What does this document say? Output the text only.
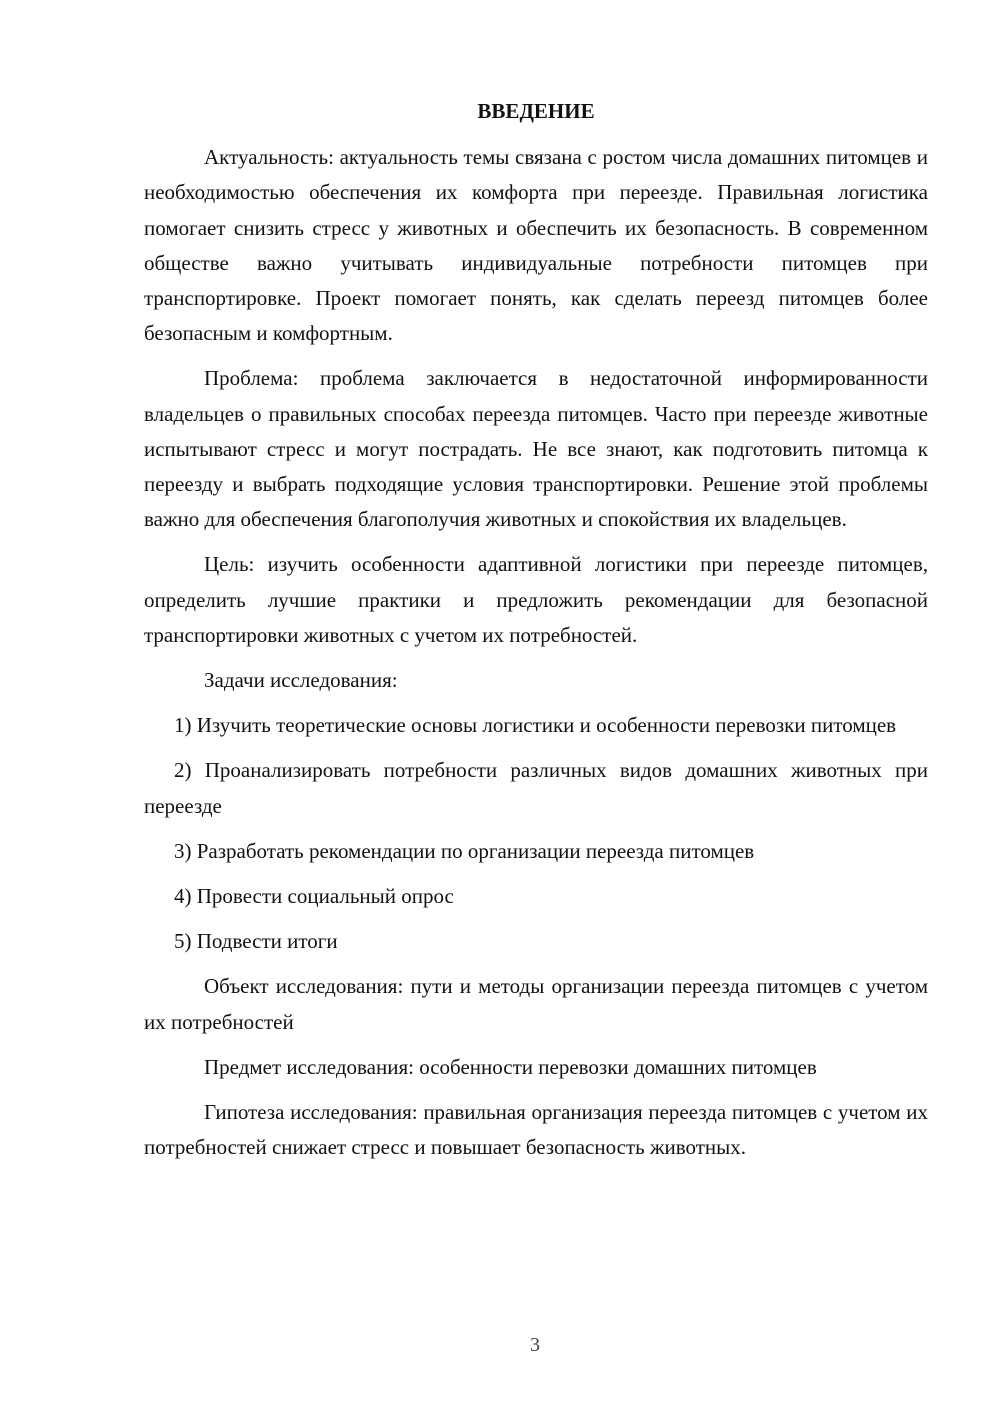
ВВЕДЕНИЕ

Актуальность: актуальность темы связана с ростом числа домашних питомцев и необходимостью обеспечения их комфорта при переезде. Правильная логистика помогает снизить стресс у животных и обеспечить их безопасность. В современном обществе важно учитывать индивидуальные потребности питомцев при транспортировке. Проект помогает понять, как сделать переезд питомцев более безопасным и комфортным.

Проблема: проблема заключается в недостаточной информированности владельцев о правильных способах переезда питомцев. Часто при переезде животные испытывают стресс и могут пострадать. Не все знают, как подготовить питомца к переезду и выбрать подходящие условия транспортировки. Решение этой проблемы важно для обеспечения благополучия животных и спокойствия их владельцев.

Цель: изучить особенности адаптивной логистики при переезде питомцев, определить лучшие практики и предложить рекомендации для безопасной транспортировки животных с учетом их потребностей.

Задачи исследования:

1) Изучить теоретические основы логистики и особенности перевозки питомцев

2) Проанализировать потребности различных видов домашних животных при переезде

3) Разработать рекомендации по организации переезда питомцев

4) Провести социальный опрос

5) Подвести итоги

Объект исследования: пути и методы организации переезда питомцев с учетом их потребностей

Предмет исследования: особенности перевозки домашних питомцев

Гипотеза исследования: правильная организация переезда питомцев с учетом их потребностей снижает стресс и повышает безопасность животных.

3
